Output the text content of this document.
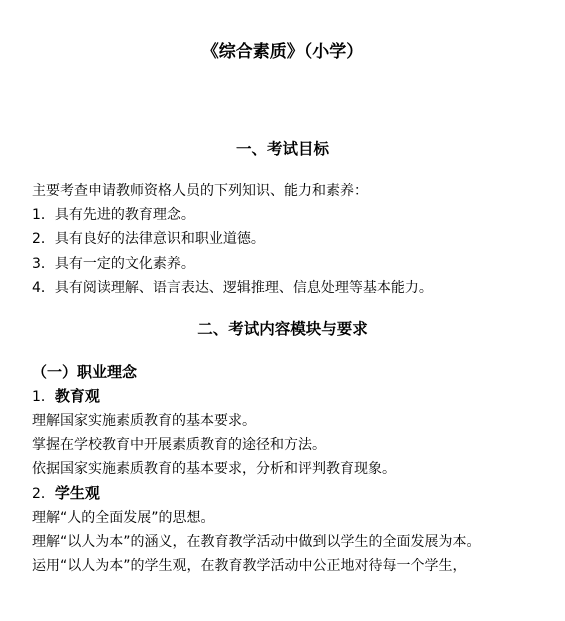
《综合素质》（小学）
一、考试目标
主要考查申请教师资格人员的下列知识、能力和素养：
1．具有先进的教育理念。
2．具有良好的法律意识和职业道德。
3．具有一定的文化素养。
4．具有阅读理解、语言表达、逻辑推理、信息处理等基本能力。
二、考试内容模块与要求
（一）职业理念
1．教育观
理解国家实施素质教育的基本要求。
掌握在学校教育中开展素质教育的途径和方法。
依据国家实施素质教育的基本要求，分析和评判教育现象。
2．学生观
理解“人的全面发展”的思想。
理解“以人为本”的涵义，在教育教学活动中做到以学生的全面发展为本。
运用“以人为本”的学生观，在教育教学活动中公正地对待每一个学生，
